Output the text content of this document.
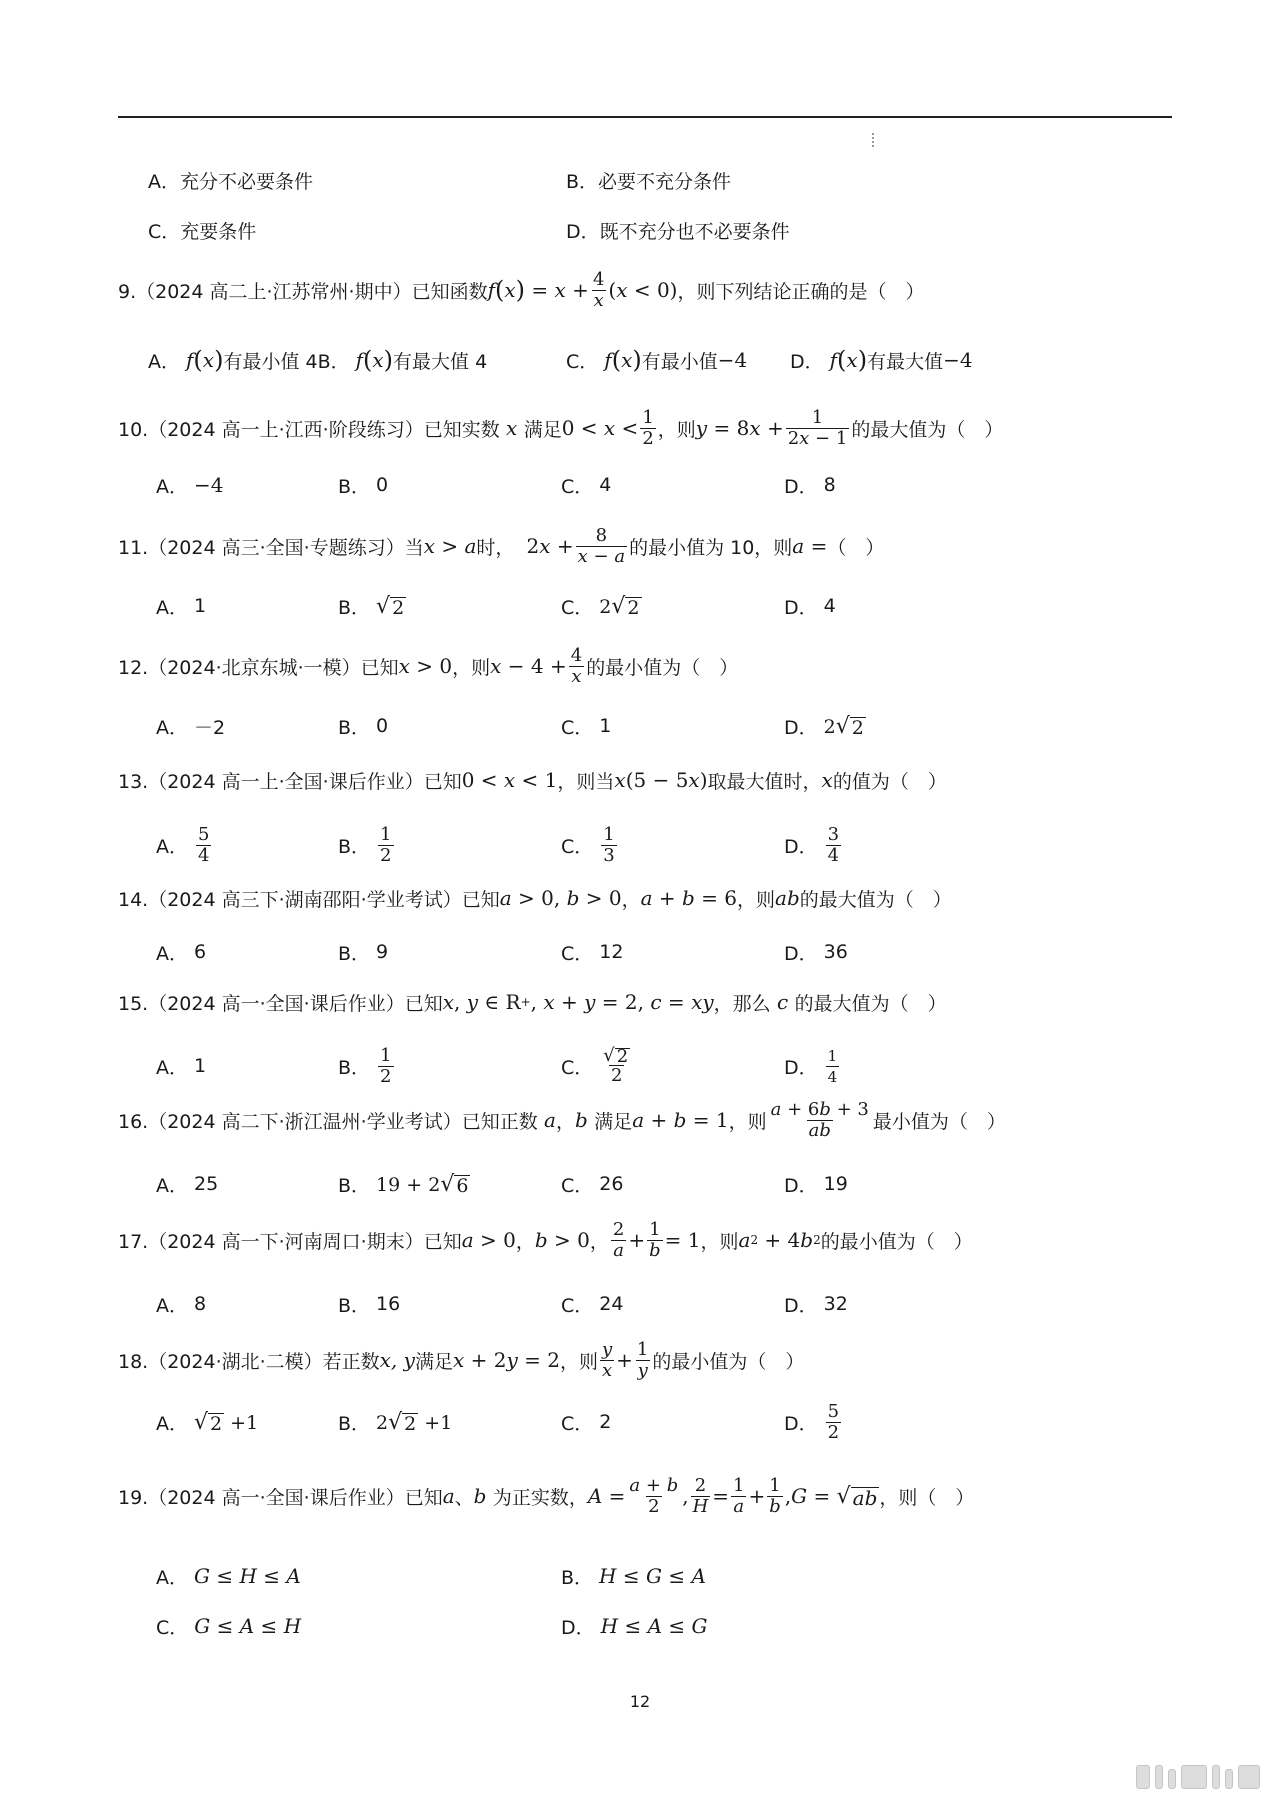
A．充分不必要条件	B．必要不充分条件
C．充要条件	D．既不充分也不必要条件
9.（2024 高二上·江苏常州·期中）已知函数 f ( x ) = $x + \frac{4}{x}$ ( x < 0) ，则下列结论正确的是（　）
A． f ( x ) 有最小值 4B． f ( x ) 有最大值 4	C． f ( x ) 有最小值 −4 D． f ( x ) 有最大值 −4
10.（2024 高一上·江西·阶段练习）已知实数 x 满足 $0 < x < \frac{1}{2}$ ，则 y = 8 $x + \frac{1}{2x - 1}$ 的最大值为（　）
A． −4	B． 0	C． 4	D． 8
11.（2024 高三·全国·专题练习）当 x > a 时，
2 $x + \frac{8}{x - a}$ 的最小值为 10，则 a = （　）
A． 1	B． √ 2	C． 2 √ 2	D． 4
12.（2024·北京东城·一模）已知 x > 0 ，则 $x - 4 + \frac{4}{x}$ 的最小值为（　）
A． －2	B． 0	C． 1	D． 2 √ 2
13.（2024 高一上·全国·课后作业）已知 0 < x < 1 ，则当 x (5 − 5 x ) 取最大值时， x 的值为（　）
A． $\frac{5}{4}$	B． $\frac{1}{2}$	C． $\frac{1}{3}$	D． $\frac{3}{4}$
14.（2024 高三下·湖南邵阳·学业考试）已知 a > 0, b > 0 ， a + b = 6 ，则 ab 的最大值为（　）
A． 6	B． 9	C． 12	D． 36
15.（2024 高一·全国·课后作业）已知 x , y ∈ R + , x + y = 2, c = xy ，那么 c 的最大值为（　）
A． 1	B． $\frac{1}{2}$	C． $\frac{√ 2}{2}$	D． $\frac{1}{4}$
16.（2024 高二下·浙江温州·学业考试）已知正数 a ， b 满足 a + b = 1 ，则 $\frac{a + 6b + 3}{ab}$ 最小值为（　）
A． 25	B． 19 + 2 √ 6	C． 26	D． 19
17.（2024 高一下·河南周口·期末）已知 a > 0 ， b > 0 ， $\frac{2}{a} + \frac{1}{b} = 1$ ，则 a 2 + 4 b 2 的最小值为（　）
A． 8	B． 16	C． 24	D． 32
18.（2024·湖北·二模）若正数 x, y 满足 x + 2 y = 2 ，则 $\frac{y}{x} + \frac{1}{y}$ 的最小值为（　）
A． √ 2 +1	B． 2 √ 2 +1	C． 2	D． $\frac{5}{2}$
19.（2024 高一·全国·课后作业）已知 a 、 b 为正实数， $A = \frac{a + b}{2}$ , $\frac{2}{H} = \frac{1}{a} + \frac{1}{b}$ , G = √ ab ，则（　）
A． G ≤ H ≤ A	B． H ≤ G ≤ A
C． G ≤ A ≤ H	D． H ≤ A ≤ G
12
